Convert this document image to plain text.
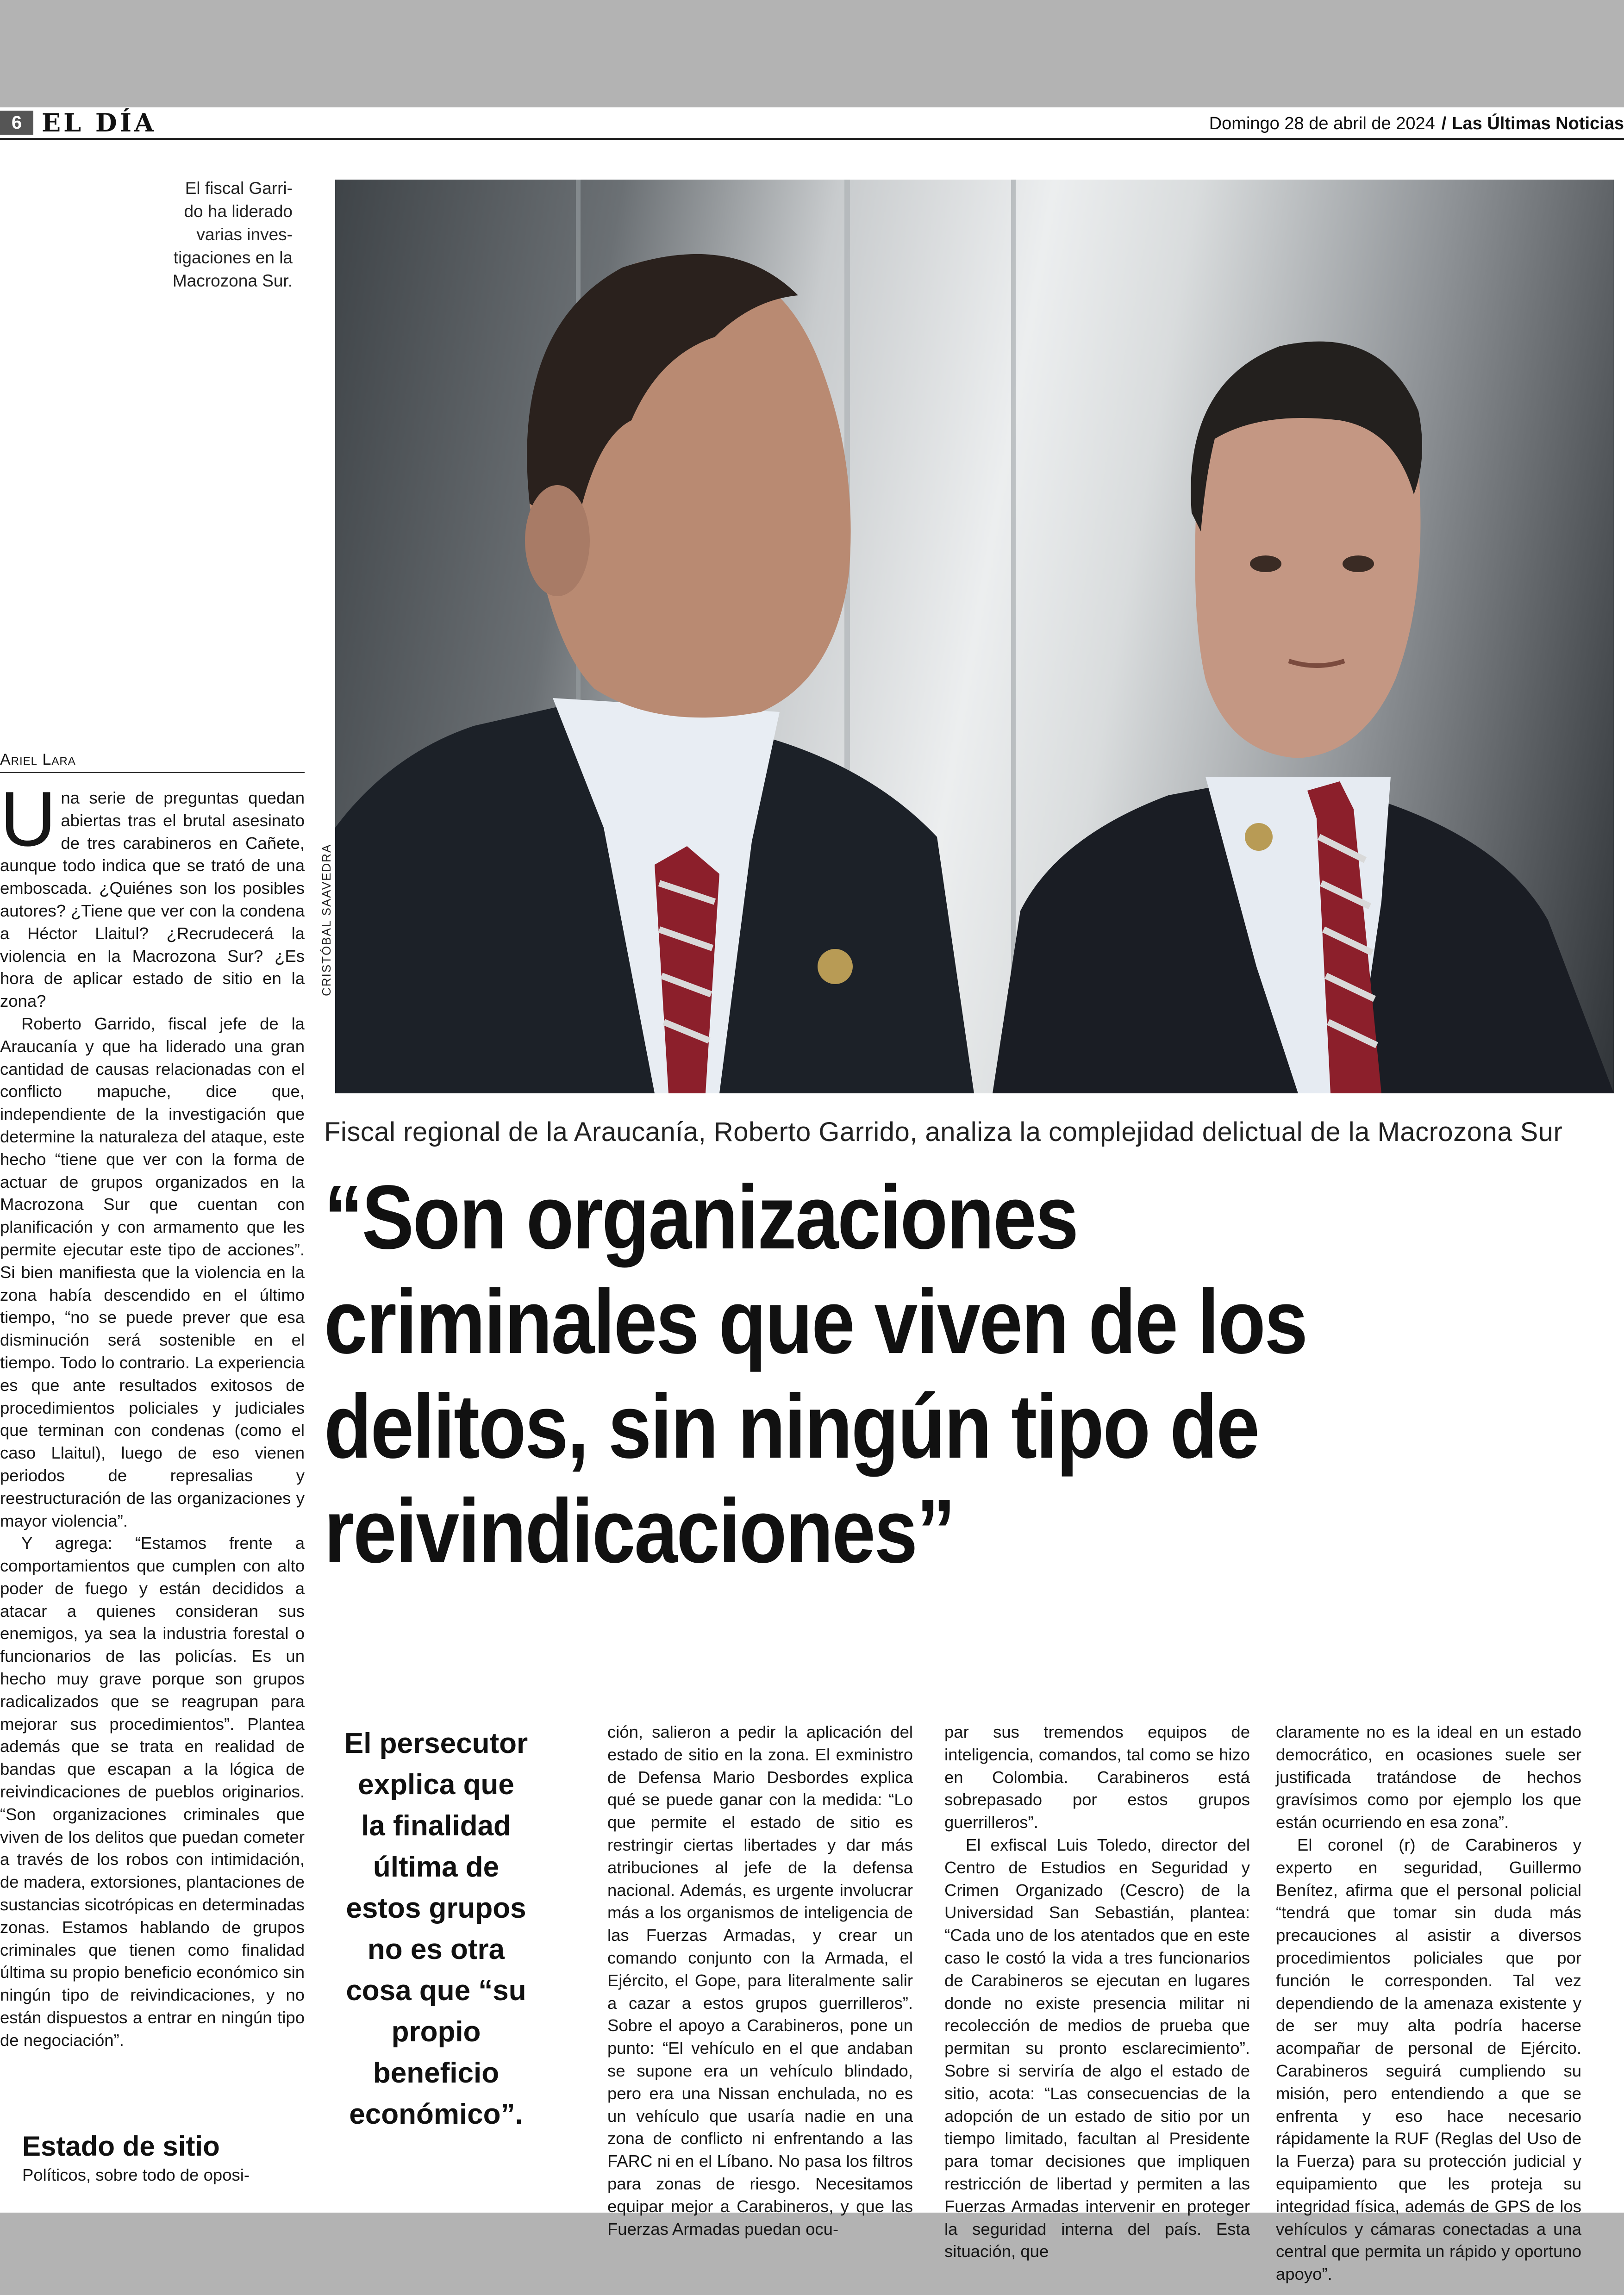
6 EL DÍA	Domingo 28 de abril de 2024 / Las Últimas Noticias
El fiscal Garri-do ha liderado varias inves-tigaciones en la Macrozona Sur.
CRISTÓBAL SAAVEDRA
Ariel Lara

Una serie de preguntas quedan abiertas tras el brutal asesinato de tres carabineros en Cañete, aunque todo indica que se trató de una emboscada. ¿Quiénes son los posibles autores? ¿Tiene que ver con la condena a Héctor Llaitul? ¿Recrudecerá la violencia en la Macrozona Sur? ¿Es hora de aplicar estado de sitio en la zona?

Roberto Garrido, fiscal jefe de la Araucanía y que ha liderado una gran cantidad de causas relacionadas con el conflicto mapuche, dice que, independiente de la investigación que determine la naturaleza del ataque, este hecho “tiene que ver con la forma de actuar de grupos organizados en la Macrozona Sur que cuentan con planificación y con armamento que les permite ejecutar este tipo de acciones”. Si bien manifiesta que la violencia en la zona había descendido en el último tiempo, “no se puede prever que esa disminución será sostenible en el tiempo. Todo lo contrario. La experiencia es que ante resultados exitosos de procedimientos policiales y judiciales que terminan con condenas (como el caso Llaitul), luego de eso vienen periodos de represalias y reestructuración de las organizaciones y mayor violencia”.

Y agrega: “Estamos frente a comportamientos que cumplen con alto poder de fuego y están decididos a atacar a quienes consideran sus enemigos, ya sea la industria forestal o funcionarios de las policías. Es un hecho muy grave porque son grupos radicalizados que se reagrupan para mejorar sus procedimientos”. Plantea además que se trata en realidad de bandas que escapan a la lógica de reivindicaciones de pueblos originarios. “Son organizaciones criminales que viven de los delitos que puedan cometer a través de los robos con intimidación, de madera, extorsiones, plantaciones de sustancias sicotrópicas en determinadas zonas. Estamos hablando de grupos criminales que tienen como finalidad última su propio beneficio económico sin ningún tipo de reivindicaciones, y no están dispuestos a entrar en ningún tipo de negociación”.

Estado de sitio
Políticos, sobre todo de oposi-
Fiscal regional de la Araucanía, Roberto Garrido, analiza la complejidad delictual de la Macrozona Sur
“Son organizaciones criminales que viven de los delitos, sin ningún tipo de reivindicaciones”
El persecutor explica que la finalidad última de estos grupos no es otra cosa que “su propio beneficio económico”.

ción, salieron a pedir la aplicación del estado de sitio en la zona. El exministro de Defensa Mario Desbordes explica qué se puede ganar con la medida: “Lo que permite el estado de sitio es restringir ciertas libertades y dar más atribuciones al jefe de la defensa nacional. Además, es urgente involucrar más a los organismos de inteligencia de las Fuerzas Armadas, y crear un comando conjunto con la Armada, el Ejército, el Gope, para literalmente salir a cazar a estos grupos guerrilleros”. Sobre el apoyo a Carabineros, pone un punto: “El vehículo en el que andaban se supone era un vehículo blindado, pero era una Nissan enchulada, no es un vehículo que usaría nadie en una zona de conflicto ni enfrentando a las FARC ni en el Líbano. No pasa los filtros para zonas de riesgo. Necesitamos equipar mejor a Carabineros, y que las Fuerzas Armadas puedan ocu-

par sus tremendos equipos de inteligencia, comandos, tal como se hizo en Colombia. Carabineros está sobrepasado por estos grupos guerrilleros”.

El exfiscal Luis Toledo, director del Centro de Estudios en Seguridad y Crimen Organizado (Cescro) de la Universidad San Sebastián, plantea: “Cada uno de los atentados que en este caso le costó la vida a tres funcionarios de Carabineros se ejecutan en lugares donde no existe presencia militar ni recolección de medios de prueba que permitan su pronto esclarecimiento”. Sobre si serviría de algo el estado de sitio, acota: “Las consecuencias de la adopción de un estado de sitio por un tiempo limitado, facultan al Presidente para tomar decisiones que impliquen restricción de libertad y permiten a las Fuerzas Armadas intervenir en proteger la seguridad interna del país. Esta situación, que

claramente no es la ideal en un estado democrático, en ocasiones suele ser justificada tratándose de hechos gravísimos como por ejemplo los que están ocurriendo en esa zona”.

El coronel (r) de Carabineros y experto en seguridad, Guillermo Benítez, afirma que el personal policial “tendrá que tomar sin duda más precauciones al asistir a diversos procedimientos policiales que por función le corresponden. Tal vez dependiendo de la amenaza existente y de ser muy alta podría hacerse acompañar de personal de Ejército. Carabineros seguirá cumpliendo su misión, pero entendiendo a que se enfrenta y eso hace necesario rápidamente la RUF (Reglas del Uso de la Fuerza) para su protección judicial y equipamiento que les proteja su integridad física, además de GPS de los vehículos y cámaras conectadas a una central que permita un rápido y oportuno apoyo”.
